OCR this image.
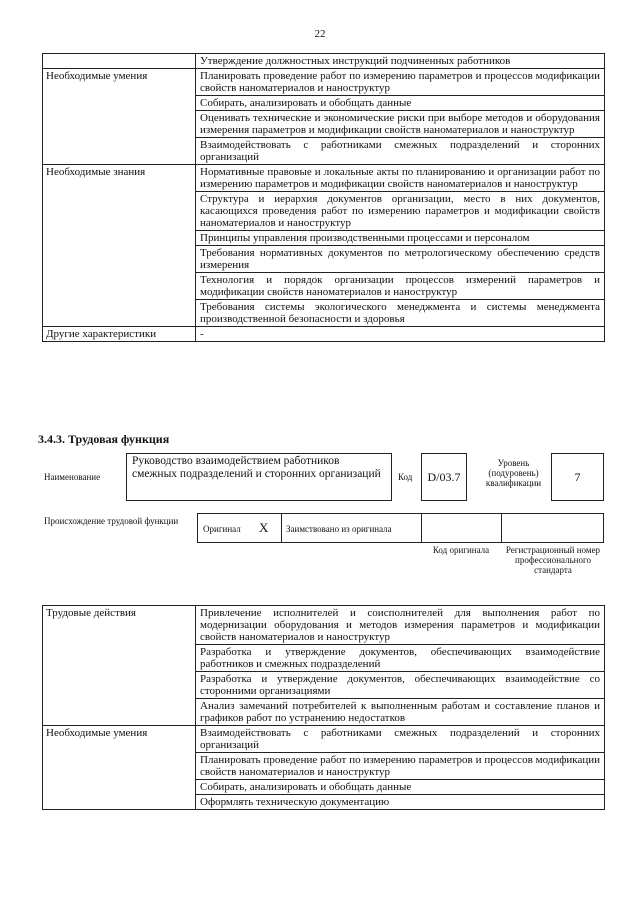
22
	Утверждение должностных инструкций подчиненных работников
Необходимые умения	Планировать проведение работ по измерению параметров и процессов модификации свойств наноматериалов и наноструктур
	Собирать, анализировать и обобщать данные
	Оценивать технические и экономические риски при выборе методов и оборудования измерения параметров и модификации свойств наноматериалов и наноструктур
	Взаимодействовать с работниками смежных подразделений и сторонних организаций
Необходимые знания	Нормативные правовые и локальные акты по планированию и организации работ по измерению параметров и модификации свойств наноматериалов и наноструктур
	Структура и иерархия документов организации, место в них документов, касающихся проведения работ по измерению параметров и модификации свойств наноматериалов и наноструктур
	Принципы управления производственными процессами и персоналом
	Требования нормативных документов по метрологическому обеспечению средств измерения
	Технология и порядок организации процессов измерений параметров и модификации свойств наноматериалов и наноструктур
	Требования системы экологического менеджмента и системы менеджмента производственной безопасности и здоровья
Другие характеристики	-
3.4.3. Трудовая функция
Наименование
Руководство взаимодействием работников смежных подразделений и сторонних организаций	Код	D/03.7
Уровень (подуровень) квалификации	7
Происхождение трудовой функции
Оригинал X Заимствовано из оригинала
Код оригинала	Регистрационный номер профессионального стандарта
Трудовые действия	Привлечение исполнителей и соисполнителей для выполнения работ по модернизации оборудования и методов измерения параметров и модификации свойств наноматериалов и наноструктур
	Разработка и утверждение документов, обеспечивающих взаимодействие работников и смежных подразделений
	Разработка и утверждение документов, обеспечивающих взаимодействие со сторонними организациями
	Анализ замечаний потребителей к выполненным работам и составление планов и графиков работ по устранению недостатков
Необходимые умения	Взаимодействовать с работниками смежных подразделений и сторонних организаций
	Планировать проведение работ по измерению параметров и процессов модификации свойств наноматериалов и наноструктур
	Собирать, анализировать и обобщать данные
	Оформлять техническую документацию
